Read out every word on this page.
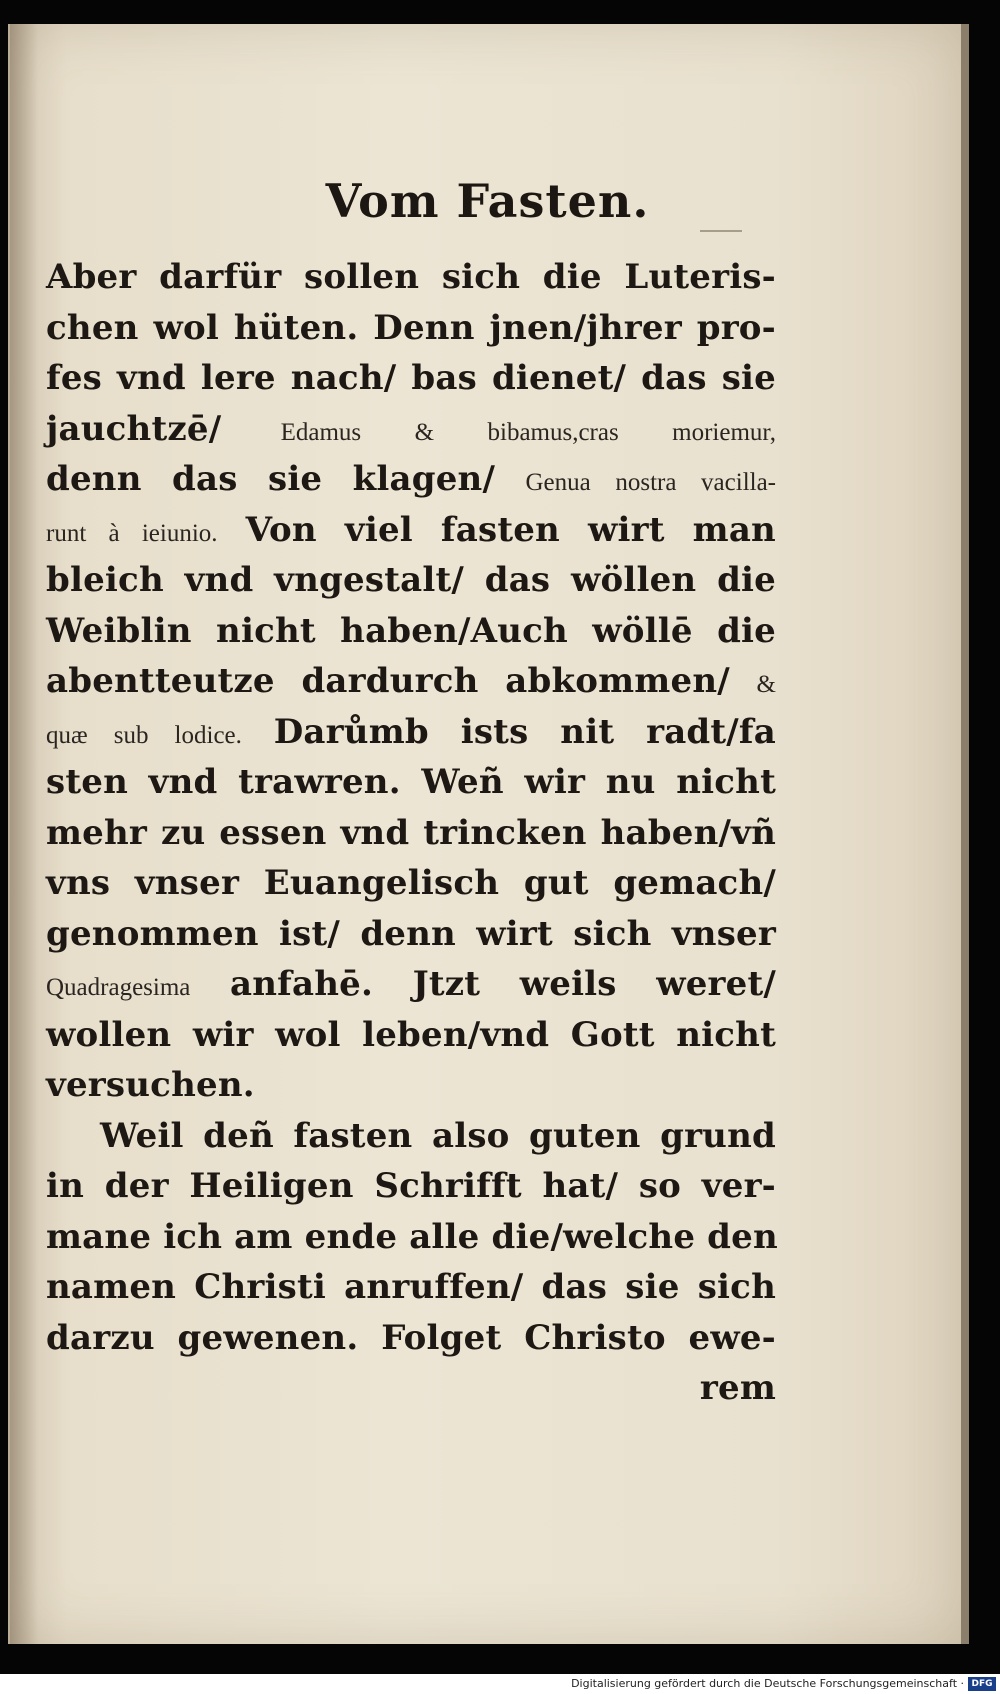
Vom Fasten.
Aber darfür sollen sich die Luteris-
chen wol hüten. Denn jnen/jhrer pro-
fes vnd lere nach/ bas dienet/ das sie
jauchtzē/ Edamus & bibamus,cras moriemur,
denn das sie klagen/ Genua nostra vacilla-
runt à ieiunio. Von viel fasten wirt man
bleich vnd vngestalt/ das wöllen die
Weiblin nicht haben/Auch wöllē die
abentteutze dardurch abkommen/ &
quæ sub lodice. Darůmb ists nit radt/fa
sten vnd trawren. Weñ wir nu nicht
mehr zu essen vnd trincken haben/vñ
vns vnser Euangelisch gut gemach/
genommen ist/ denn wirt sich vnser
Quadragesima anfahē. Jtzt weils weret/
wollen wir wol leben/vnd Gott nicht
versuchen.
Weil deñ fasten also guten grund
in der Heiligen Schrifft hat/ so ver-
mane ich am ende alle die/welche den
namen Christi anruffen/ das sie sich
darzu gewenen. Folget Christo ewe-
rem
Digitalisierung gefördert durch die Deutsche Forschungsgemeinschaft · DFG
